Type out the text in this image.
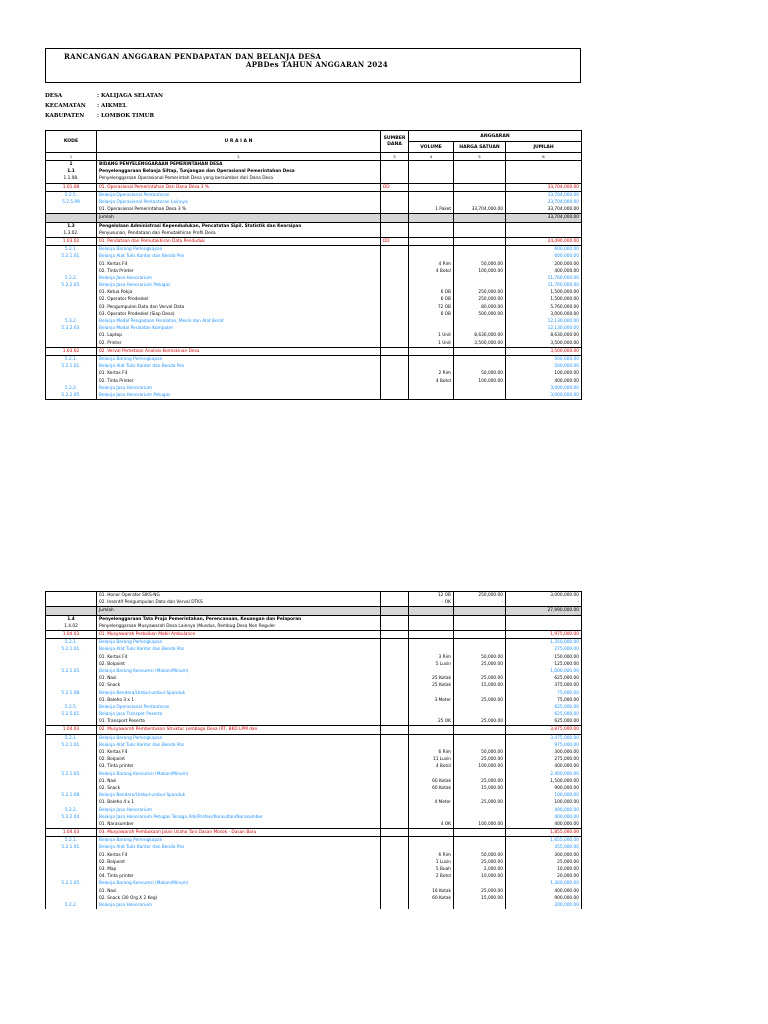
RANCANGAN ANGGARAN PENDAPATAN DAN BELANJA DESA
APBDes TAHUN ANGGARAN 2024
DESA	: KALIJAGA SELATAN
KECAMATAN	: AIKMEL
KABUPATEN	: LOMBOK TIMUR
KODE	U R A I A N	SUMBER DANA	ANGGARAN		
			VOLUME	HARGA SATUAN	JUMLAH
1	2	3	4	5	6
1	BIDANG PENYELENGGARAAN PEMERINTAHAN DESA				
1.1	Penyelenggaraan Belanja Siltap, Tunjangan dan Operasional Pemerintahan Desa				
1.1.08.	Penyelenggaraan Operasional Pemerintah Desa yang bersumber dari Dana Desa				
1.01.08	01. Operasional Pemerintahan Dari Dana Desa 3 %	DD			33,704,000.00
5.2.5.	Belanja Operasional Perkantoran				33,704,000.00
5.2.5.99	Belanja Operasional Perkantoran Lainnya				33,704,000.00
	01. Operasional Pemerintahan Desa 3 %		1 Paket	33,704,000.00	33,704,000.00
	Jumlah				33,704,000.00
1.3	Pengelolaan Administrasi Kependudukan, Pencatatan Sipil, Statistik dan Kearsipan				
1.3.02.	Penyusunan, Pendataan dan Pemutakhiran Profil Desa				
1.03.02	01. Pendataan dan Pemutakhiran Data Penduduk	DD			24,490,000.00
5.2.1.	Belanja Barang Perlengkapan				600,000.00
5.2.1.01.	Belanja Alat Tulis Kantor dan Benda Pos				600,000.00
	01. Kertas F4		4 Rim	50,000.00	200,000.00
	02. Tinta Printer		4 Botol	100,000.00	400,000.00
5.2.2.	Belanja Jasa Honorarium				11,760,000.00
5.2.2.05.	Belanja Jasa Honorarium Petugas				11,760,000.00
	01. Ketua Pokja		6 OB	250,000.00	1,500,000.00
	02. Operator Prodeskel		6 OB	250,000.00	1,500,000.00
	03. Pengumpulan Data dan Verval Data		72 OB	80,000.00	5,760,000.00
	03. Operator Prodeskel (Siap Desa)		6 OB	500,000.00	3,000,000.00
5.3.2.	Belanja Modal Pengadaan Peralatan, Mesin dan Alat Berat				12,130,000.00
5.3.2.03.	Belanja Modal Peralatan Komputer				12,130,000.00
	01. Laptop		1 Unit	8,630,000.00	8,630,000.00
	02. Printer		1 Unit	3,500,000.00	3,500,000.00
1.03.02	02. Verval Pemetaan Analisis Kemiskinan Desa				3,500,000.00
5.2.1.	Belanja Barang Perlengkapan				500,000.00
5.2.1.01.	Belanja Alat Tulis Kantor dan Benda Pos				500,000.00
	01. Kertas F4		2 Rim	50,000.00	100,000.00
	02. Tinta Printer		4 Botol	100,000.00	400,000.00
5.2.2.	Belanja Jasa Honorarium				3,000,000.00
5.2.2.05.	Belanja Jasa Honorarium Petugas				3,000,000.00
	01. Honor Operator SIKS-NG		12 OB	250,000.00	3,000,000.00
	02. Insentif Pengumpulan Data dan Verval DTKS		- OK	-	-
	Jumlah				27,990,000.00
1.4	Penyelenggaraan Tata Praja Pemerintahan, Perencanaan, Keuangan dan Pelaporan				
1.4.02	Penyelenggaraan Musyawarah Desa Lainnya (Musdus, Rembug Desa Non Reguler				
1.04.03	01. Musyawarah Perbaikan Mobil Ambulance				1,975,000.00
5.2.1.	Belanja Barang Perlengkapan				1,350,000.00
5.2.1.01.	Belanja Alat Tulis Kantor dan Benda Pos				275,000.00
	01. Kertas F4		3 Rim	50,000.00	150,000.00
	02. Bolpoint		5 Lusin	25,000.00	125,000.00
5.2.1.05.	Belanja Barang Konsumsi (Makan/Minum)				1,000,000.00
	01. Nasi		25 Kotak	25,000.00	625,000.00
	02. Snack		25 Kotak	15,000.00	375,000.00
5.2.1.08.	Belanja Bendera/Umbul-umbul Spanduk				75,000.00
	01. Baleho 3 x 1		3 Meter	25,000.00	75,000.00
5.2.5.	Belanja Operasional Perkantoran				625,000.00
5.2.5.01.	Belanja Jasa Transpot Peserta				625,000.00
	01. Transport Peserta		25 OK	25,000.00	625,000.00
1.04.03	02. Musyawarah Pembentukan Struktur Lembaga Desa (RT, BKD LPM dan				3,875,000.00
5.2.1.	Belanja Barang Perlengkapan				3,475,000.00
5.2.1.01.	Belanja Alat Tulis Kantor dan Benda Pos				975,000.00
	01. Kertas F4		6 Rim	50,000.00	300,000.00
	02. Bolpoint		11 Lusin	25,000.00	275,000.00
	03. Tinta printer		4 Botol	100,000.00	400,000.00
5.2.1.05.	Belanja Barang Konsumsi (Makan/Minum)				2,400,000.00
	01. Nasi		60 Kotak	25,000.00	1,500,000.00
	02. Snack		60 Kotak	15,000.00	900,000.00
5.2.1.08.	Belanja Bendera/Umbul-umbul Spanduk				100,000.00
	01. Baleho 4 x 1		4 Meter	25,000.00	100,000.00
5.2.2.	Belanja Jasa Honorarium				400,000.00
5.2.2.04.	Belanja Jasa Honorarium Petugas Tenaga Ahli/Profesi/Konsultan/Narasumber				400,000.00
	01. Narasumber		4 OK	100,000.00	400,000.00
1.04.03	03. Musyawarah Pembukaan Jalan Usaha Tani Dasan Mosok - Dasan Baru				1,855,000.00
5.2.1.	Belanja Barang Perlengkapan				1,655,000.00
5.2.1.01.	Belanja Alat Tulis Kantor dan Benda Pos				355,000.00
	01. Kertas F4		6 Rim	50,000.00	300,000.00
	02. Bolpoint		1 Lusin	25,000.00	25,000.00
	03. Map		5 Buah	2,000.00	10,000.00
	04. Tinta printer		2 Botol	10,000.00	20,000.00
5.2.1.05.	Belanja Barang Konsumsi (Makan/Minum)				1,300,000.00
	01. Nasi		16 Kotak	25,000.00	400,000.00
	02. Snack (30 Org X 2 Keg)		60 Kotak	15,000.00	900,000.00
5.2.2.	Belanja Jasa Honorarium				200,000.00
